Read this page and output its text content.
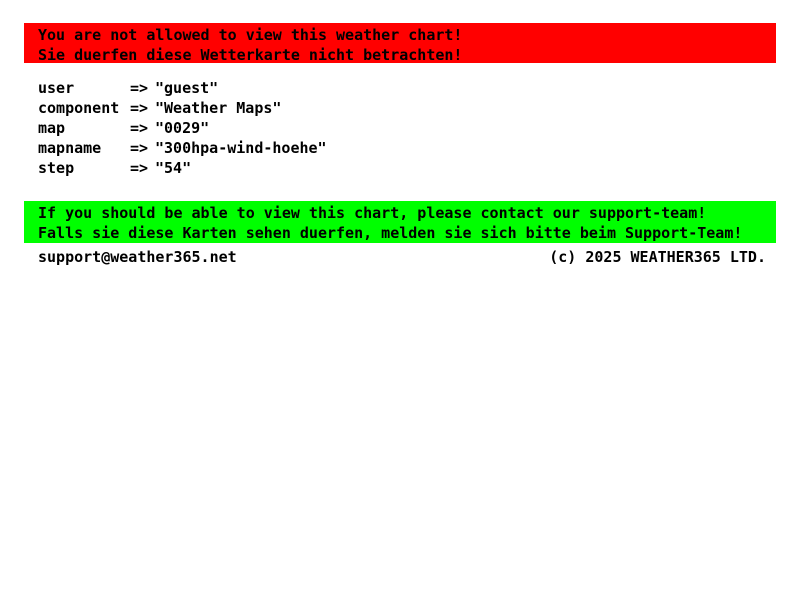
You are not allowed to view this weather chart!
Sie duerfen diese Wetterkarte nicht betrachten!
user	=> "guest"
component => "Weather Maps"
map	=> "0029"
mapname	=> "300hpa-wind-hoehe"
step	=> "54"
If you should be able to view this chart, please contact our support-team!
Falls sie diese Karten sehen duerfen, melden sie sich bitte beim Support-Team!
support@weather365.net	(c) 2025 WEATHER365 LTD.
